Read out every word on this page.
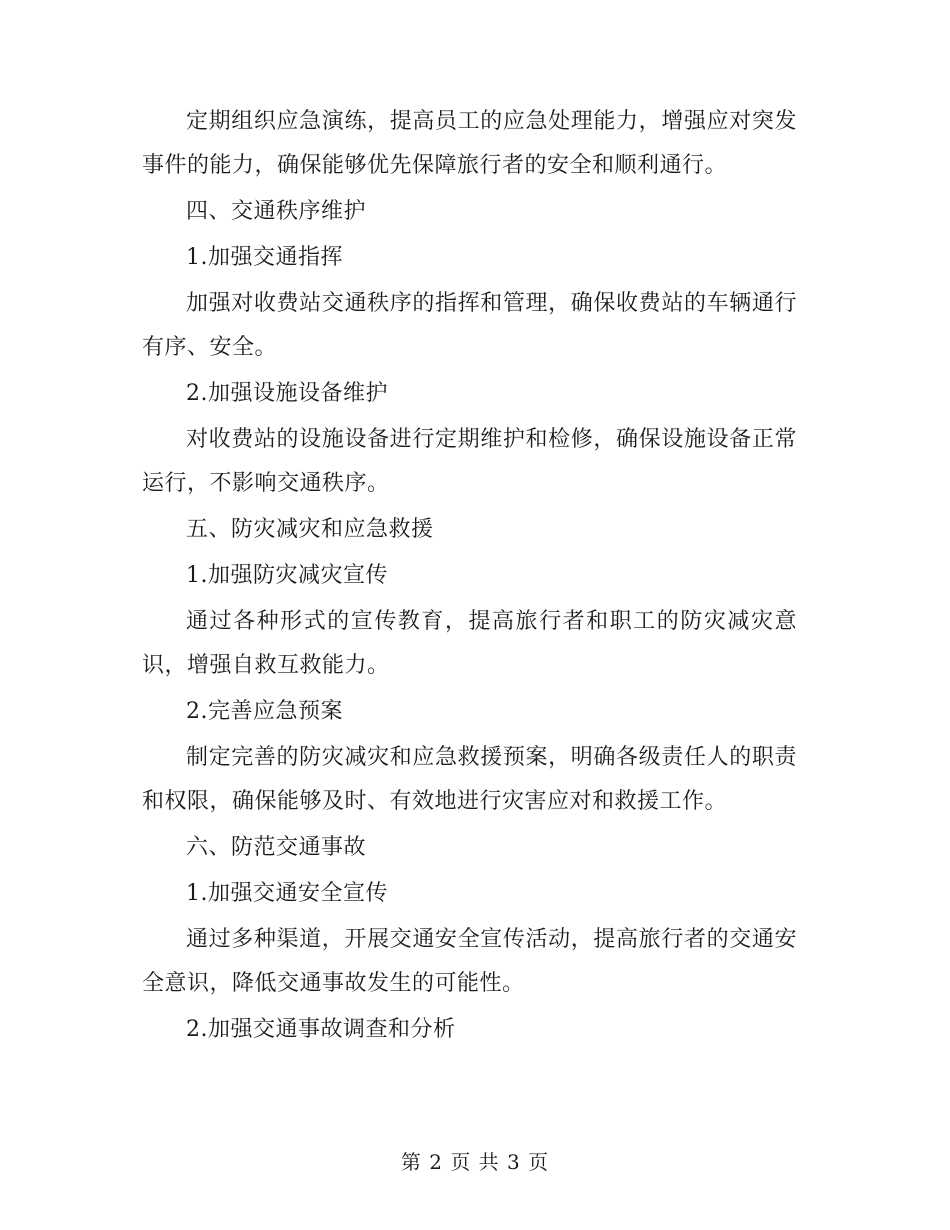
定期组织应急演练，提高员工的应急处理能力，增强应对突发事件的能力，确保能够优先保障旅行者的安全和顺利通行。

四、交通秩序维护

1.加强交通指挥

加强对收费站交通秩序的指挥和管理，确保收费站的车辆通行有序、安全。

2.加强设施设备维护

对收费站的设施设备进行定期维护和检修，确保设施设备正常运行，不影响交通秩序。

五、防灾减灾和应急救援

1.加强防灾减灾宣传

通过各种形式的宣传教育，提高旅行者和职工的防灾减灾意识，增强自救互救能力。

2.完善应急预案

制定完善的防灾减灾和应急救援预案，明确各级责任人的职责和权限，确保能够及时、有效地进行灾害应对和救援工作。

六、防范交通事故

1.加强交通安全宣传

通过多种渠道，开展交通安全宣传活动，提高旅行者的交通安全意识，降低交通事故发生的可能性。

2.加强交通事故调查和分析

第 2 页 共 3 页
